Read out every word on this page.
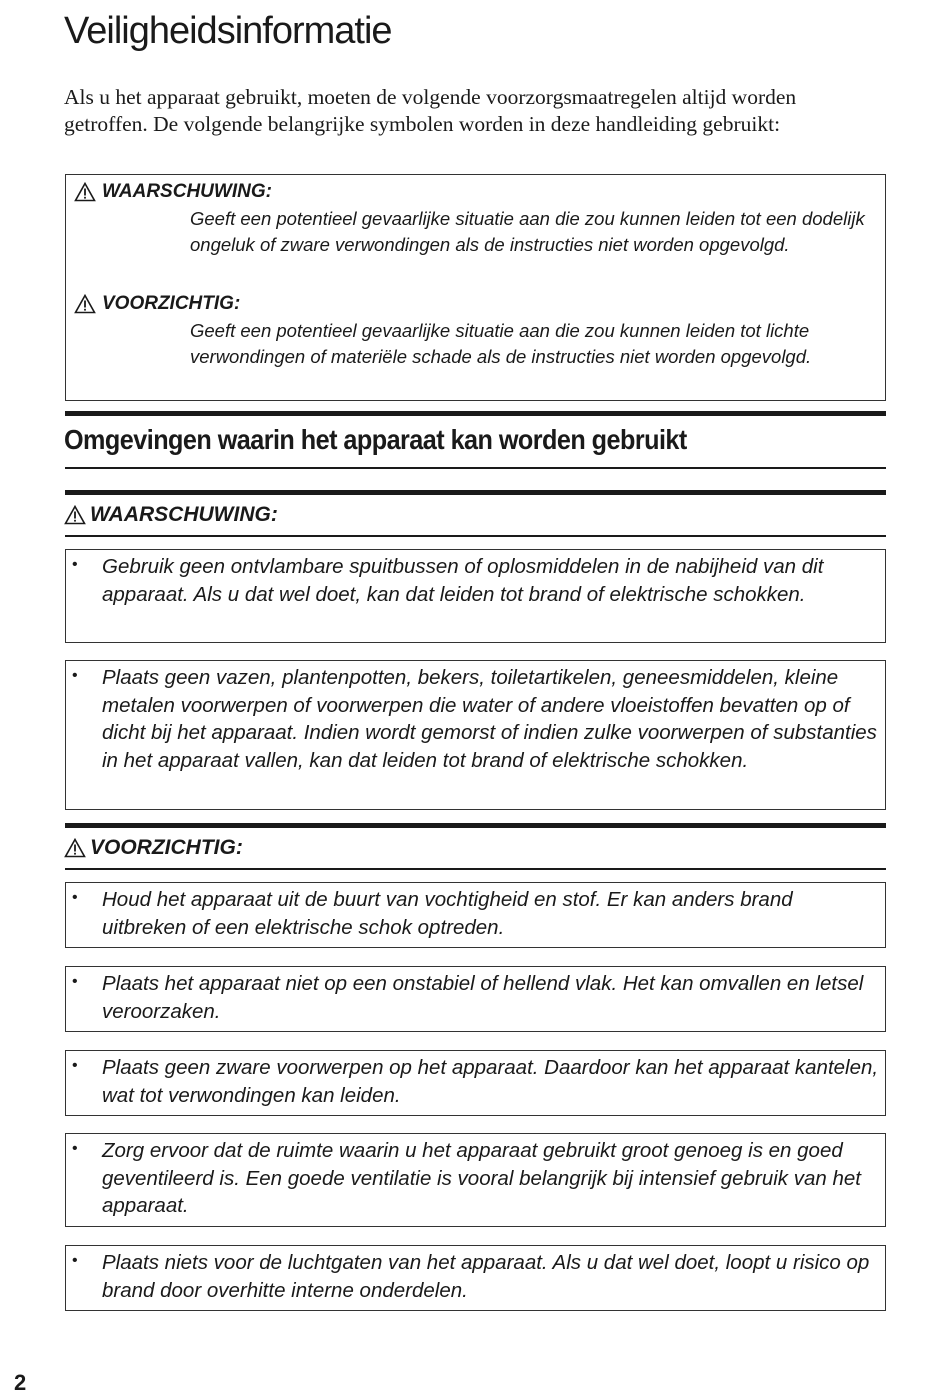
Veiligheidsinformatie
Als u het apparaat gebruikt, moeten de volgende voorzorgsmaatregelen altijd worden getroffen. De volgende belangrijke symbolen worden in deze handleiding gebruikt:
WAARSCHUWING:
Geeft een potentieel gevaarlijke situatie aan die zou kunnen leiden tot een dodelijk ongeluk of zware verwondingen als de instructies niet worden opgevolgd.
VOORZICHTIG:
Geeft een potentieel gevaarlijke situatie aan die zou kunnen leiden tot lichte verwondingen of materiële schade als de instructies niet worden opgevolgd.
Omgevingen waarin het apparaat kan worden gebruikt
WAARSCHUWING:
• Gebruik geen ontvlambare spuitbussen of oplosmiddelen in de nabijheid van dit apparaat. Als u dat wel doet, kan dat leiden tot brand of elektrische schokken.
• Plaats geen vazen, plantenpotten, bekers, toiletartikelen, geneesmiddelen, kleine metalen voorwerpen of voorwerpen die water of andere vloeistoffen bevatten op of dicht bij het apparaat. Indien wordt gemorst of indien zulke voorwerpen of substanties in het apparaat vallen, kan dat leiden tot brand of elektrische schokken.
VOORZICHTIG:
• Houd het apparaat uit de buurt van vochtigheid en stof. Er kan anders brand uitbreken of een elektrische schok optreden.
• Plaats het apparaat niet op een onstabiel of hellend vlak. Het kan omvallen en letsel veroorzaken.
• Plaats geen zware voorwerpen op het apparaat. Daardoor kan het apparaat kantelen, wat tot verwondingen kan leiden.
• Zorg ervoor dat de ruimte waarin u het apparaat gebruikt groot genoeg is en goed geventileerd is. Een goede ventilatie is vooral belangrijk bij intensief gebruik van het apparaat.
• Plaats niets voor de luchtgaten van het apparaat. Als u dat wel doet, loopt u risico op brand door overhitte interne onderdelen.
2
